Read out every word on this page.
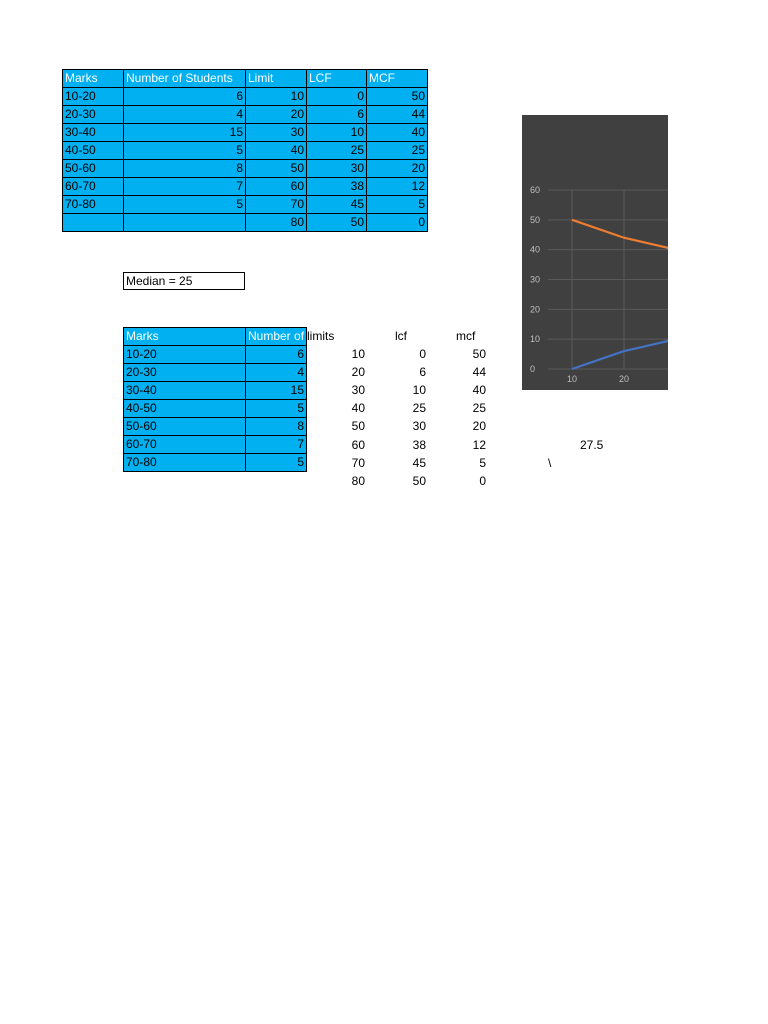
Marks	Number of Students	Limit	LCF	MCF
10-20	6	10	0	50
20-30	4	20	6	44
30-40	15	30	10	40
40-50	5	40	25	25
50-60	8	50	30	20
60-70	7	60	38	12
70-80	5	70	45	5
		80	50	0
Median = 25
Marks	Number of
10-20	6
20-30	4
30-40	15
40-50	5
50-60	8
60-70	7
70-80	5
limits	lcf	mcf
10	0	50
20	6	44
30	10	40
40	25	25
50	30	20
60	38	12
70	45	5
80	50	0
27.5
\
0
10
20
30
40
50
60
10	20
